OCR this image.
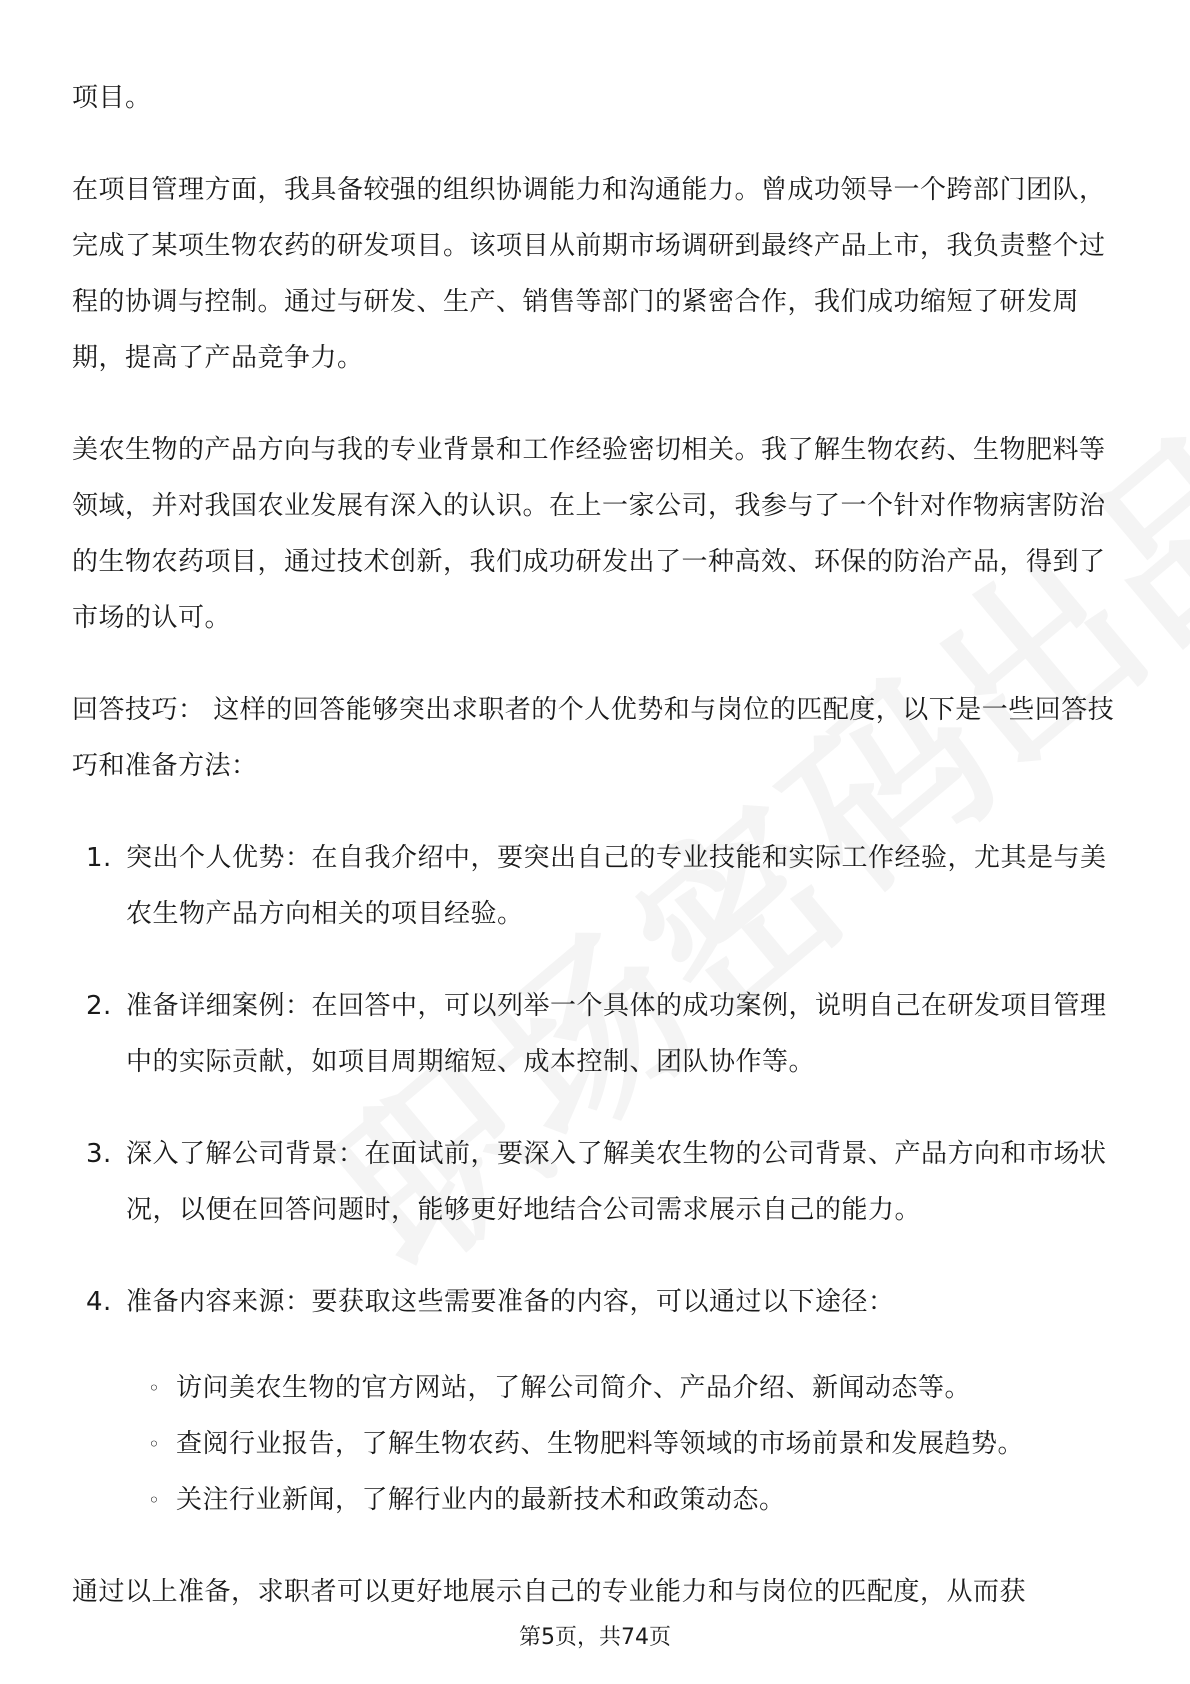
项目。

在项目管理方面，我具备较强的组织协调能力和沟通能力。曾成功领导一个跨部门团队，完成了某项生物农药的研发项目。该项目从前期市场调研到最终产品上市，我负责整个过程的协调与控制。通过与研发、生产、销售等部门的紧密合作，我们成功缩短了研发周期，提高了产品竞争力。

美农生物的产品方向与我的专业背景和工作经验密切相关。我了解生物农药、生物肥料等领域，并对我国农业发展有深入的认识。在上一家公司，我参与了一个针对作物病害防治的生物农药项目，通过技术创新，我们成功研发出了一种高效、环保的防治产品，得到了市场的认可。

回答技巧： 这样的回答能够突出求职者的个人优势和与岗位的匹配度，以下是一些回答技巧和准备方法：

1. 突出个人优势：在自我介绍中，要突出自己的专业技能和实际工作经验，尤其是与美农生物产品方向相关的项目经验。
2. 准备详细案例：在回答中，可以列举一个具体的成功案例，说明自己在研发项目管理中的实际贡献，如项目周期缩短、成本控制、团队协作等。
3. 深入了解公司背景：在面试前，要深入了解美农生物的公司背景、产品方向和市场状况，以便在回答问题时，能够更好地结合公司需求展示自己的能力。
4. 准备内容来源：要获取这些需要准备的内容，可以通过以下途径：
◦ 访问美农生物的官方网站，了解公司简介、产品介绍、新闻动态等。
◦ 查阅行业报告，了解生物农药、生物肥料等领域的市场前景和发展趋势。
◦ 关注行业新闻，了解行业内的最新技术和政策动态。

通过以上准备，求职者可以更好地展示自己的专业能力和与岗位的匹配度，从而获

第5页，共74页
